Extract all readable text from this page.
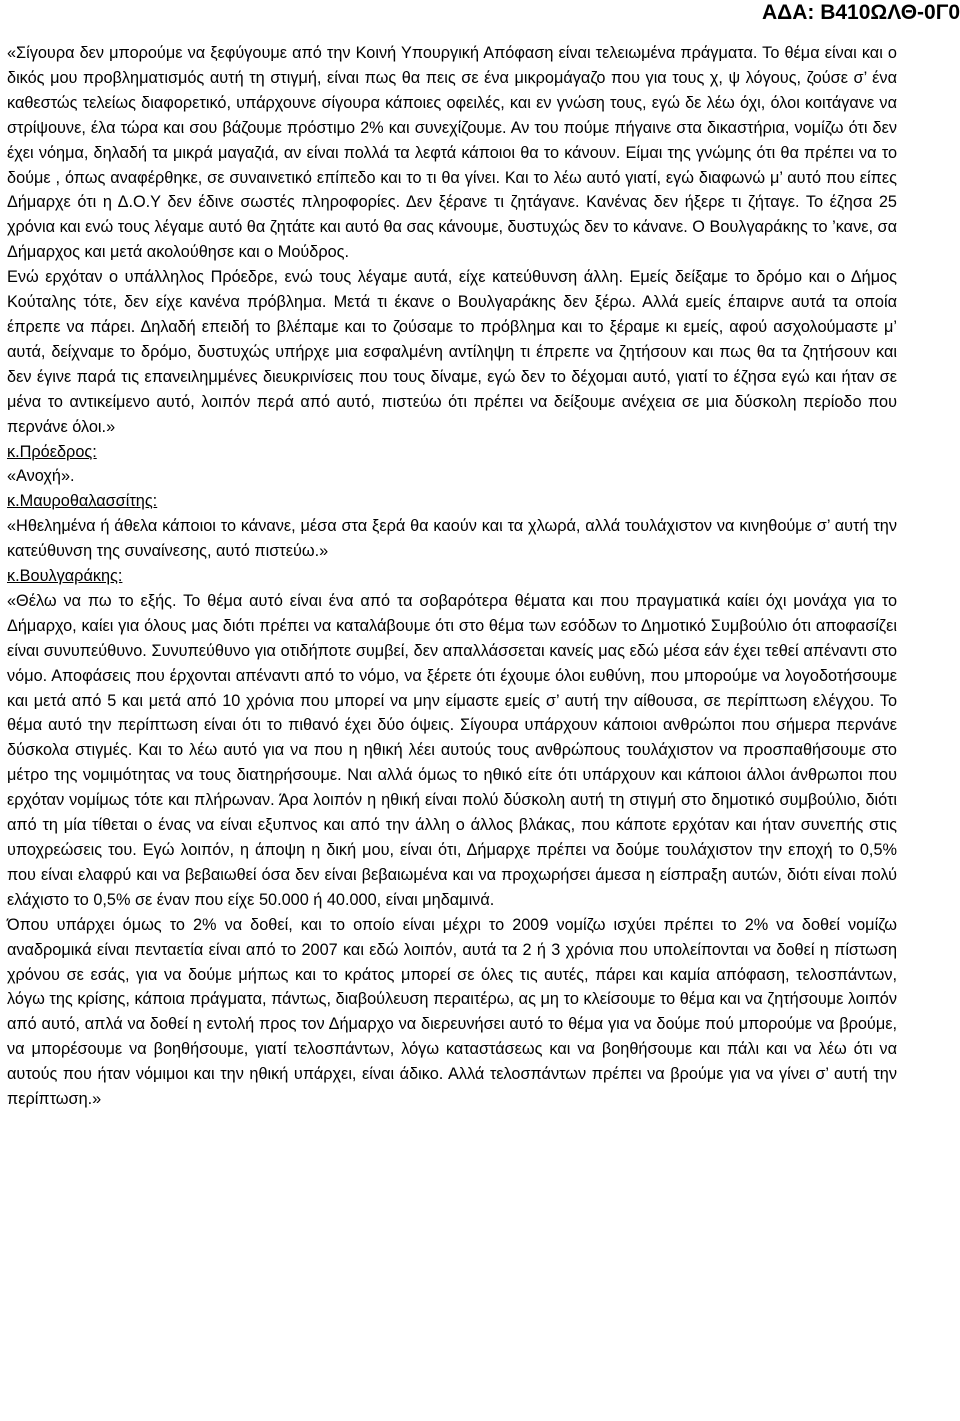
ΑΔΑ: Β410ΩΛΘ-0Γ0
«Σίγουρα δεν μπορούμε να ξεφύγουμε από την Κοινή Υπουργική Απόφαση είναι τελειωμένα πράγματα. Το θέμα είναι και ο δικός μου προβληματισμός αυτή τη στιγμή, είναι πως θα πεις σε ένα μικρομάγαζο που για τους χ, ψ λόγους, ζούσε σ’ ένα καθεστώς τελείως διαφορετικό, υπάρχουνε σίγουρα κάποιες οφειλές, και εν γνώση τους, εγώ δε λέω όχι, όλοι κοιτάγανε να στρίψουνε, έλα τώρα και σου βάζουμε πρόστιμο 2% και συνεχίζουμε. Αν του πούμε πήγαινε στα δικαστήρια, νομίζω ότι δεν έχει νόημα, δηλαδή τα μικρά μαγαζιά, αν είναι πολλά τα λεφτά κάποιοι θα το κάνουν. Είμαι της γνώμης ότι θα πρέπει να το δούμε , όπως αναφέρθηκε, σε συναινετικό επίπεδο και το τι θα γίνει. Και το λέω αυτό γιατί, εγώ διαφωνώ μ’ αυτό που είπες Δήμαρχε ότι η Δ.Ο.Υ δεν έδινε σωστές πληροφορίες. Δεν ξέρανε τι ζητάγανε. Κανένας δεν ήξερε τι ζήταγε. Το έζησα 25 χρόνια και ενώ τους λέγαμε αυτό θα ζητάτε και αυτό θα σας κάνουμε, δυστυχώς δεν το κάνανε. Ο Βουλγαράκης το ’κανε, σα Δήμαρχος και μετά ακολούθησε και ο Μούδρος.
Ενώ ερχόταν ο υπάλληλος Πρόεδρε, ενώ τους λέγαμε αυτά, είχε κατεύθυνση άλλη. Εμείς δείξαμε το δρόμο και ο Δήμος Κούταλης τότε, δεν είχε κανένα πρόβλημα. Μετά τι έκανε ο Βουλγαράκης δεν ξέρω. Αλλά εμείς έπαιρνε αυτά τα οποία έπρεπε να πάρει. Δηλαδή επειδή το βλέπαμε και το ζούσαμε το πρόβλημα και το ξέραμε κι εμείς, αφού ασχολούμαστε μ’ αυτά, δείχναμε το δρόμο, δυστυχώς υπήρχε μια εσφαλμένη αντίληψη τι έπρεπε να ζητήσουν και πως θα τα ζητήσουν και δεν έγινε παρά τις επανειλημμένες διευκρινίσεις που τους δίναμε, εγώ δεν το δέχομαι αυτό, γιατί το έζησα εγώ και ήταν σε μένα το αντικείμενο αυτό, λοιπόν περά από αυτό, πιστεύω ότι πρέπει να δείξουμε ανέχεια σε μια δύσκολη περίοδο που περνάνε όλοι.»
κ.Πρόεδρος:
«Ανοχή».
κ.Μαυροθαλασσίτης:
«Ηθελημένα ή άθελα κάποιοι το κάνανε, μέσα στα ξερά θα καούν και τα χλωρά, αλλά τουλάχιστον να κινηθούμε σ’ αυτή την κατεύθυνση της συναίνεσης, αυτό πιστεύω.»
κ.Βουλγαράκης:
«Θέλω να πω το εξής. Το θέμα αυτό είναι ένα από τα σοβαρότερα θέματα και που πραγματικά καίει όχι μονάχα για το Δήμαρχο, καίει για όλους μας διότι πρέπει να καταλάβουμε ότι στο θέμα των εσόδων το Δημοτικό Συμβούλιο ότι αποφασίζει είναι συνυπεύθυνο. Συνυπεύθυνο για οτιδήποτε συμβεί, δεν απαλλάσσεται κανείς μας εδώ μέσα εάν έχει τεθεί απέναντι στο νόμο. Αποφάσεις που έρχονται απέναντι από το νόμο, να ξέρετε ότι έχουμε όλοι ευθύνη, που μπορούμε να λογοδοτήσουμε και μετά από 5 και μετά από 10 χρόνια που μπορεί να μην είμαστε εμείς σ’ αυτή την αίθουσα, σε περίπτωση ελέγχου. Το θέμα αυτό την περίπτωση είναι ότι το πιθανό έχει δύο όψεις. Σίγουρα υπάρχουν κάποιοι ανθρώποι που σήμερα περνάνε δύσκολα στιγμές. Και το λέω αυτό για να που η ηθική λέει αυτούς τους ανθρώπους τουλάχιστον να προσπαθήσουμε στο μέτρο της νομιμότητας να τους διατηρήσουμε. Ναι αλλά όμως το ηθικό είτε ότι υπάρχουν και κάποιοι άλλοι άνθρωποι που ερχόταν νομίμως τότε και πλήρωναν. Άρα λοιπόν η ηθική είναι πολύ δύσκολη αυτή τη στιγμή στο δημοτικό συμβούλιο, διότι από τη μία τίθεται ο ένας να είναι εξυπνος και από την άλλη ο άλλος βλάκας, που κάποτε ερχόταν και ήταν συνεπής στις υποχρεώσεις του. Εγώ λοιπόν, η άποψη η δική μου, είναι ότι, Δήμαρχε πρέπει να δούμε τουλάχιστον την εποχή το 0,5% που είναι ελαφρύ και να βεβαιωθεί όσα δεν είναι βεβαιωμένα και να προχωρήσει άμεσα η είσπραξη αυτών, διότι είναι πολύ ελάχιστο το 0,5% σε έναν που είχε 50.000 ή 40.000, είναι μηδαμινά.
Όπου υπάρχει όμως το 2% να δοθεί, και το οποίο είναι μέχρι το 2009 νομίζω ισχύει πρέπει το 2% να δοθεί νομίζω αναδρομικά είναι πενταετία είναι από το 2007 και εδώ λοιπόν, αυτά τα 2 ή 3 χρόνια που υπολείπονται να δοθεί η πίστωση χρόνου σε εσάς, για να δούμε μήπως και το κράτος μπορεί σε όλες τις αυτές, πάρει και καμία απόφαση, τελοσπάντων, λόγω της κρίσης, κάποια πράγματα, πάντως, διαβούλευση περαιτέρω, ας μη το κλείσουμε το θέμα και να ζητήσουμε λοιπόν από αυτό, απλά να δοθεί η εντολή προς τον Δήμαρχο να διερευνήσει αυτό το θέμα για να δούμε πού μπορούμε να βρούμε, να μπορέσουμε να βοηθήσουμε, γιατί τελοσπάντων, λόγω καταστάσεως και να βοηθήσουμε και πάλι και να λέω ότι να αυτούς που ήταν νόμιμοι και την ηθική υπάρχει, είναι άδικο. Αλλά τελοσπάντων πρέπει να βρούμε για να γίνει σ’ αυτή την περίπτωση.»
